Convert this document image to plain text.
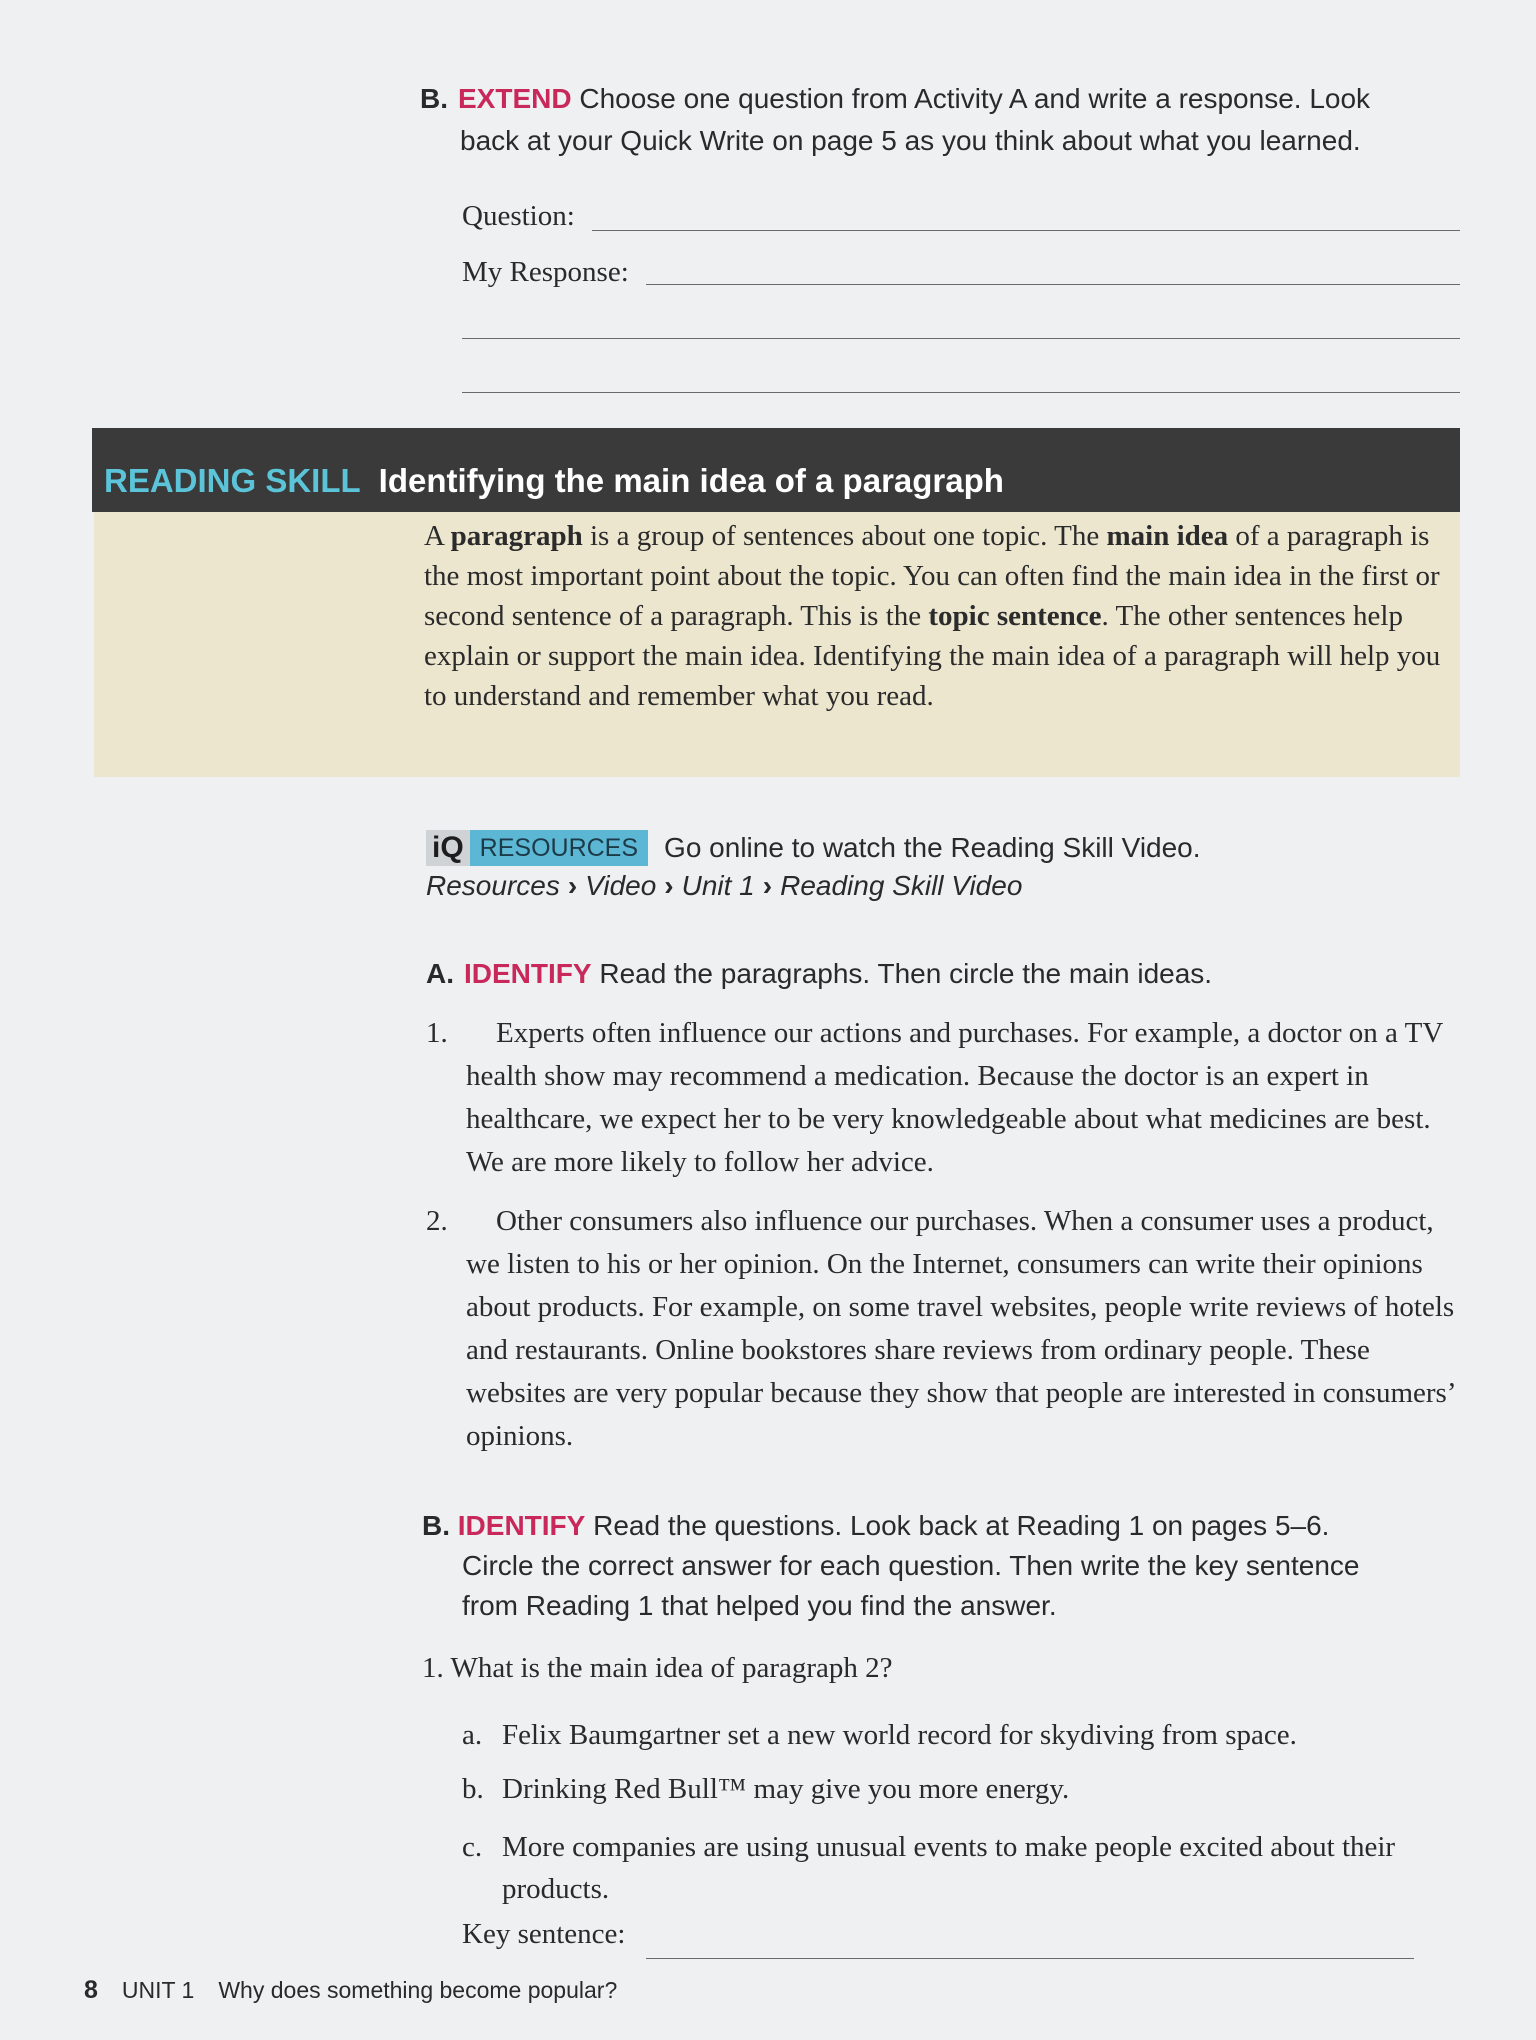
B. EXTEND Choose one question from Activity A and write a response. Look
back at your Quick Write on page 5 as you think about what you learned.
Question:
My Response:
READING SKILL Identifying the main idea of a paragraph
A paragraph is a group of sentences about one topic. The main idea of a paragraph is the most important point about the topic. You can often find the main idea in the first or second sentence of a paragraph. This is the topic sentence. The other sentences help explain or support the main idea. Identifying the main idea of a paragraph will help you to understand and remember what you read.
iQ RESOURCES Go online to watch the Reading Skill Video.
Resources › Video › Unit 1 › Reading Skill Video
A. IDENTIFY Read the paragraphs. Then circle the main ideas.
1.	Experts often influence our actions and purchases. For example, a doctor on a TV health show may recommend a medication. Because the doctor is an expert in healthcare, we expect her to be very knowledgeable about what medicines are best. We are more likely to follow her advice.
2.	Other consumers also influence our purchases. When a consumer uses a product, we listen to his or her opinion. On the Internet, consumers can write their opinions about products. For example, on some travel websites, people write reviews of hotels and restaurants. Online bookstores share reviews from ordinary people. These websites are very popular because they show that people are interested in consumers’ opinions.
B. IDENTIFY Read the questions. Look back at Reading 1 on pages 5–6.
Circle the correct answer for each question. Then write the key sentence
from Reading 1 that helped you find the answer.
1. What is the main idea of paragraph 2?
a. Felix Baumgartner set a new world record for skydiving from space.
b. Drinking Red Bull™ may give you more energy.
c. More companies are using unusual events to make people excited about their products.
Key sentence:
8 UNIT 1 Why does something become popular?
